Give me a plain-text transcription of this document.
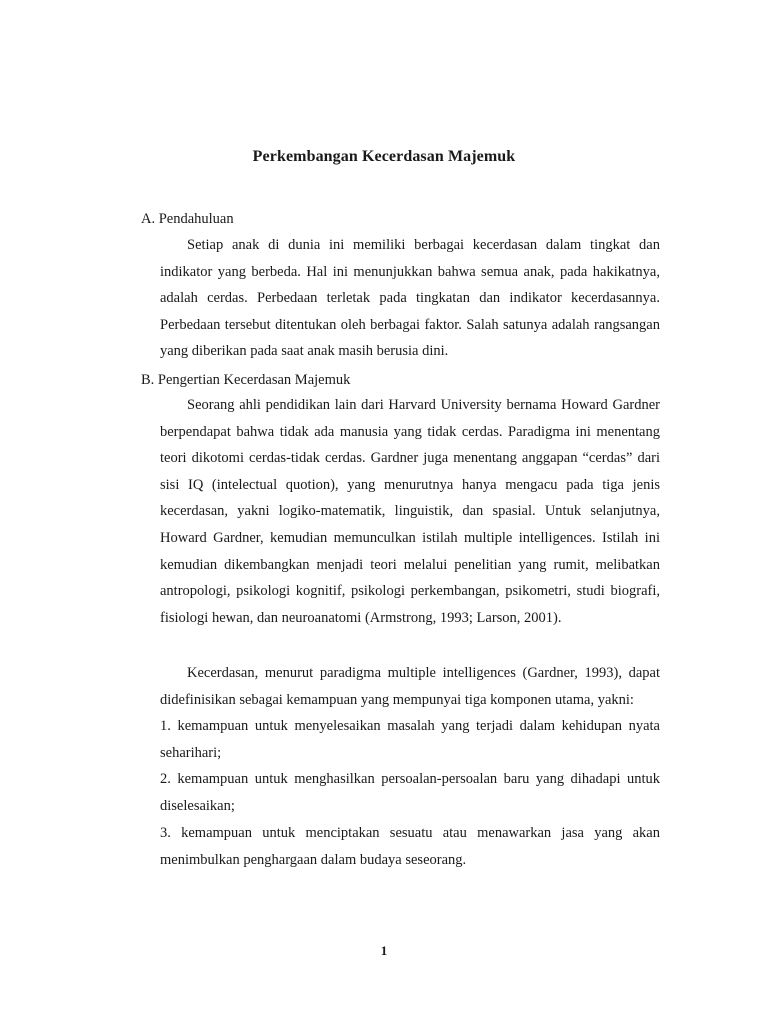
Perkembangan Kecerdasan Majemuk
A. Pendahuluan

Setiap anak di dunia ini memiliki berbagai kecerdasan dalam tingkat dan indikator yang berbeda. Hal ini menunjukkan bahwa semua anak, pada hakikatnya, adalah cerdas. Perbedaan terletak pada tingkatan dan indikator kecerdasannya. Perbedaan tersebut ditentukan oleh berbagai faktor. Salah satunya adalah rangsangan yang diberikan pada saat anak masih berusia dini.

B. Pengertian Kecerdasan Majemuk

Seorang ahli pendidikan lain dari Harvard University bernama Howard Gardner berpendapat bahwa tidak ada manusia yang tidak cerdas. Paradigma ini menentang teori dikotomi cerdas-tidak cerdas. Gardner juga menentang anggapan “cerdas” dari sisi IQ (intelectual quotion), yang menurutnya hanya mengacu pada tiga jenis kecerdasan, yakni logiko-matematik, linguistik, dan spasial. Untuk selanjutnya, Howard Gardner, kemudian memunculkan istilah multiple intelligences. Istilah ini kemudian dikembangkan menjadi teori melalui penelitian yang rumit, melibatkan antropologi, psikologi kognitif, psikologi perkembangan, psikometri, studi biografi, fisiologi hewan, dan neuroanatomi (Armstrong, 1993; Larson, 2001).

Kecerdasan, menurut paradigma multiple intelligences (Gardner, 1993), dapat didefinisikan sebagai kemampuan yang mempunyai tiga komponen utama, yakni:

1. kemampuan untuk menyelesaikan masalah yang terjadi dalam kehidupan nyata seharihari;

2. kemampuan untuk menghasilkan persoalan-persoalan baru yang dihadapi untuk diselesaikan;

3. kemampuan untuk menciptakan sesuatu atau menawarkan jasa yang akan menimbulkan penghargaan dalam budaya seseorang.

1
